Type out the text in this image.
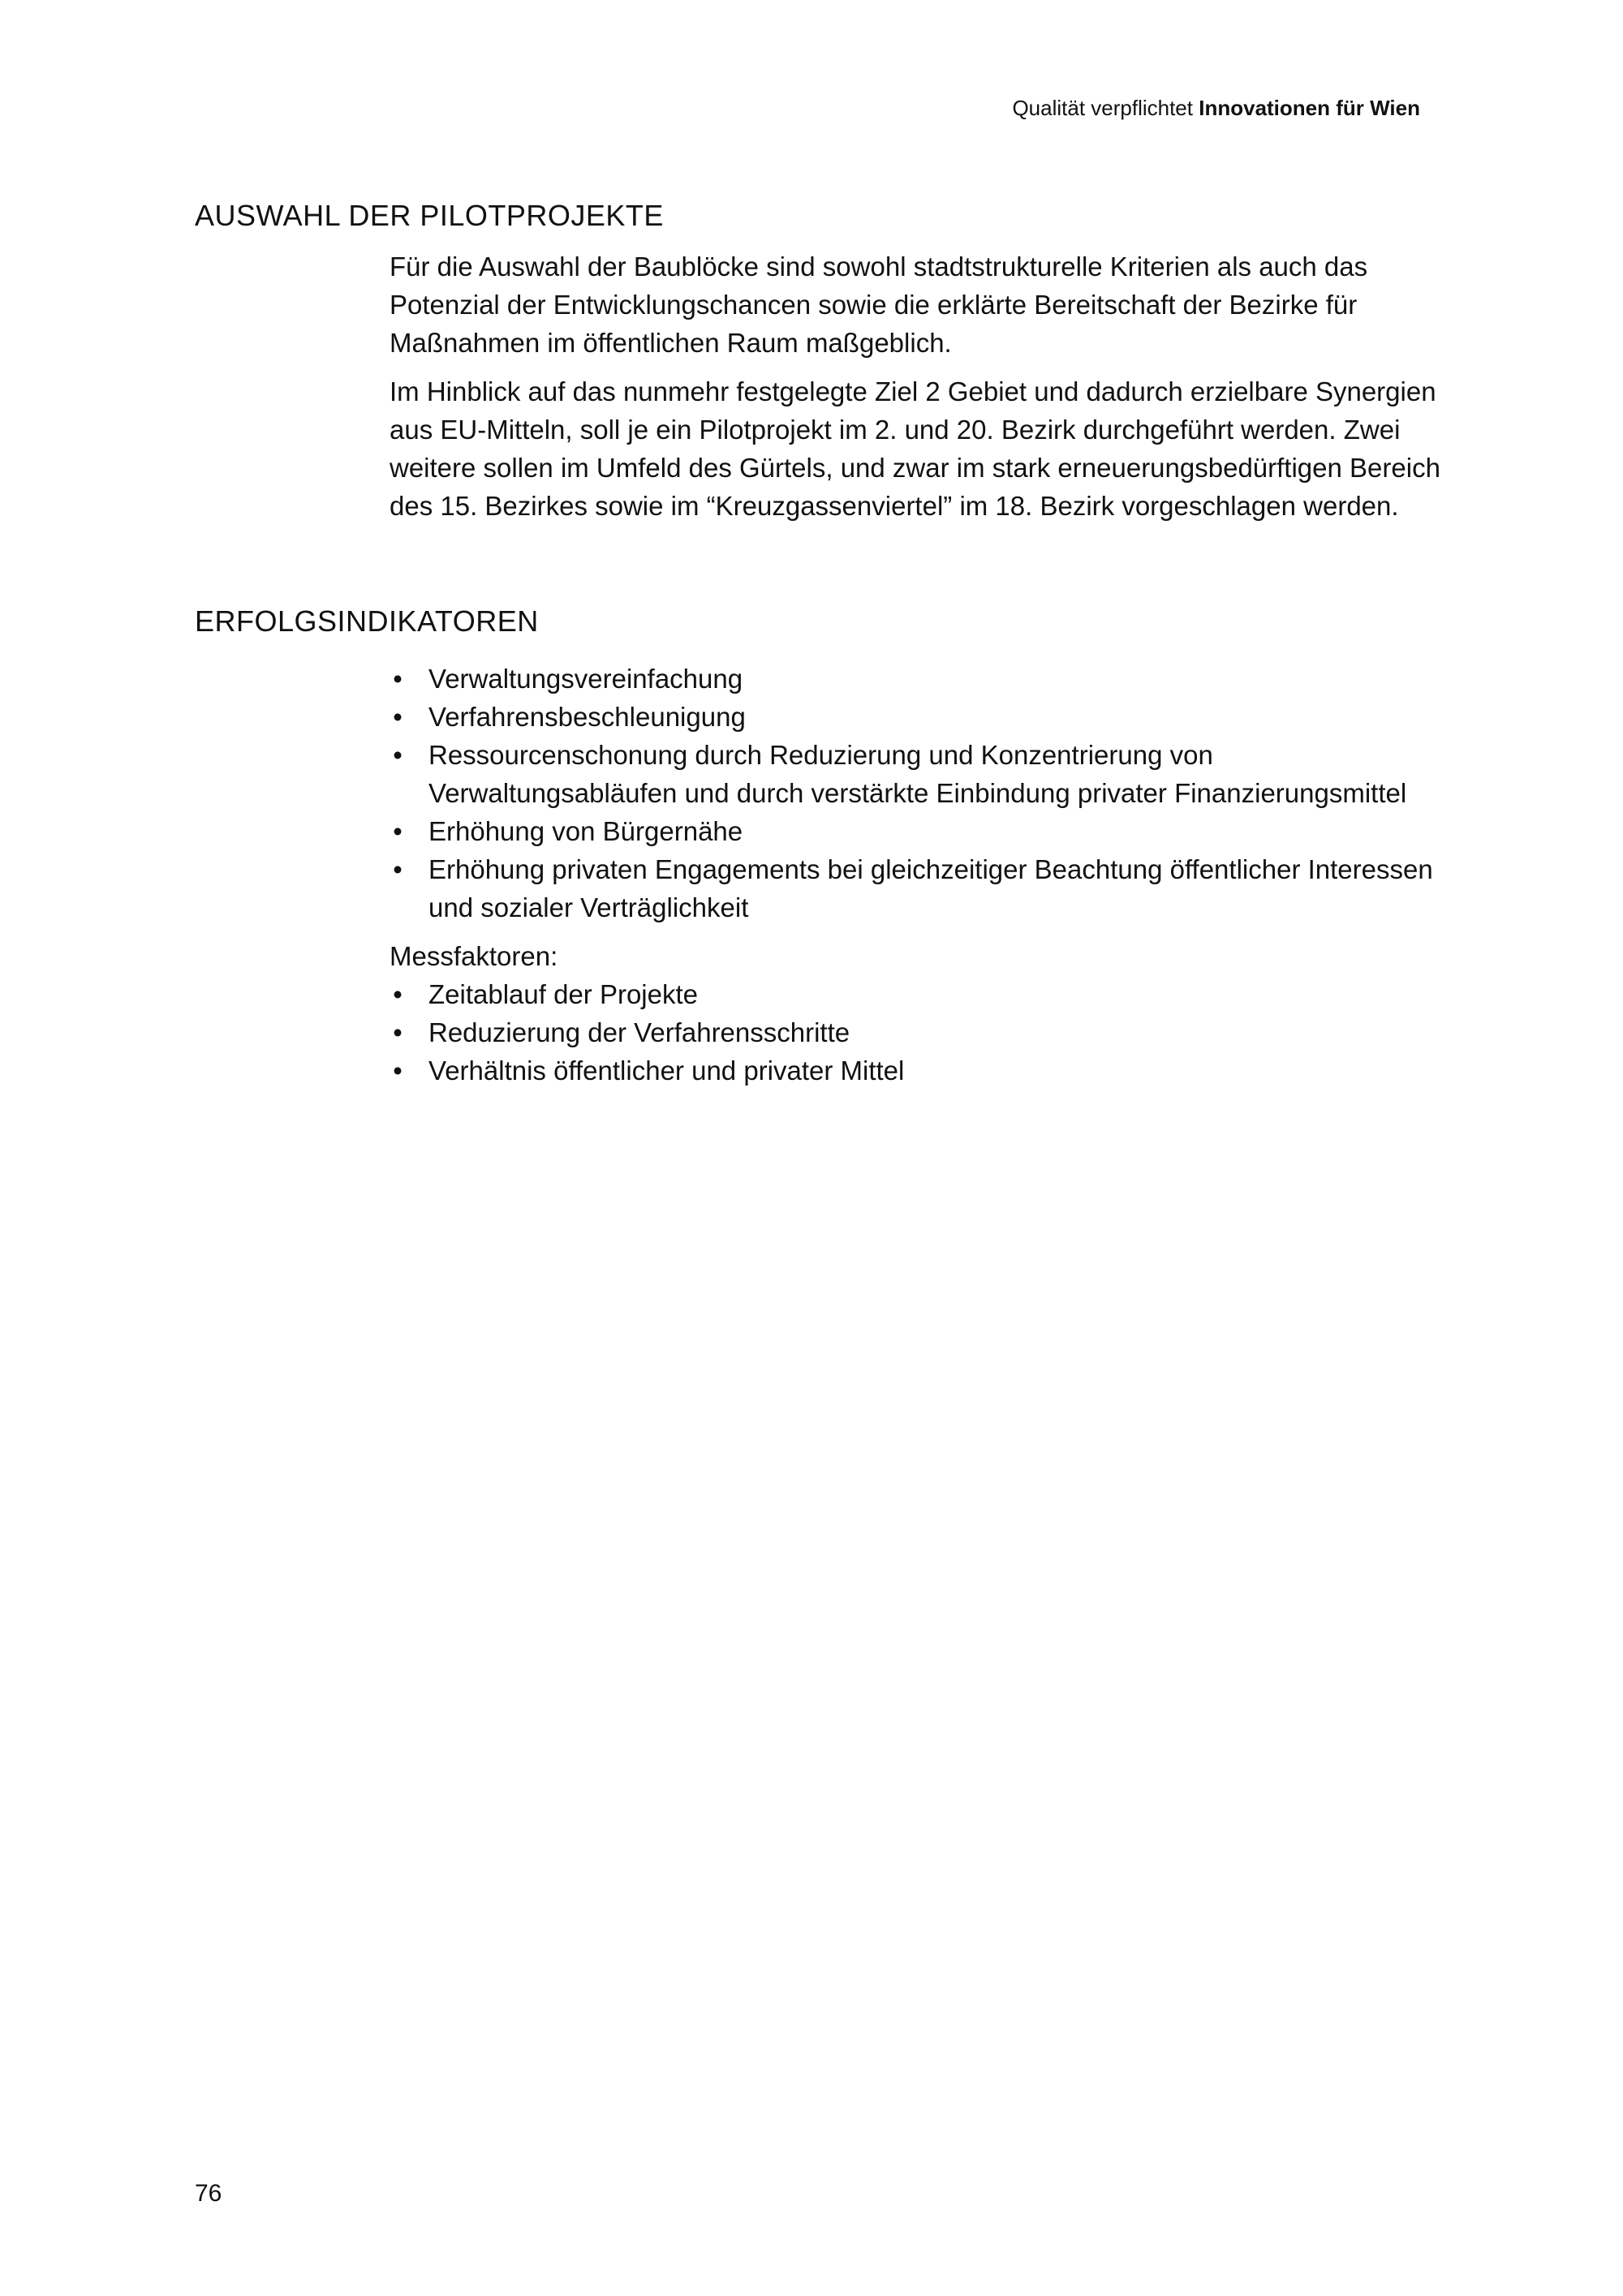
Qualität verpflichtet Innovationen für Wien
AUSWAHL DER PILOTPROJEKTE

Für die Auswahl der Baublöcke sind sowohl stadtstrukturelle Kriterien als auch das Potenzial der Entwicklungschancen sowie die erklärte Bereitschaft der Bezirke für Maßnahmen im öffentlichen Raum maßgeblich.

Im Hinblick auf das nunmehr festgelegte Ziel 2 Gebiet und dadurch erzielbare Synergien aus EU-Mitteln, soll je ein Pilotprojekt im 2. und 20. Bezirk durchgeführt werden. Zwei weitere sollen im Umfeld des Gürtels, und zwar im stark erneuerungsbedürftigen Bereich des 15. Bezirkes sowie im “Kreuzgassenviertel” im 18. Bezirk vorgeschlagen werden.

ERFOLGSINDIKATOREN
• Verwaltungsvereinfachung
• Verfahrensbeschleunigung
• Ressourcenschonung durch Reduzierung und Konzentrierung von Verwaltungsabläufen und durch verstärkte Einbindung privater Finanzierungsmittel
• Erhöhung von Bürgernähe
• Erhöhung privaten Engagements bei gleichzeitiger Beachtung öffentlicher Interessen und sozialer Verträglichkeit

Messfaktoren:

• Zeitablauf der Projekte
• Reduzierung der Verfahrensschritte
• Verhältnis öffentlicher und privater Mittel
76
